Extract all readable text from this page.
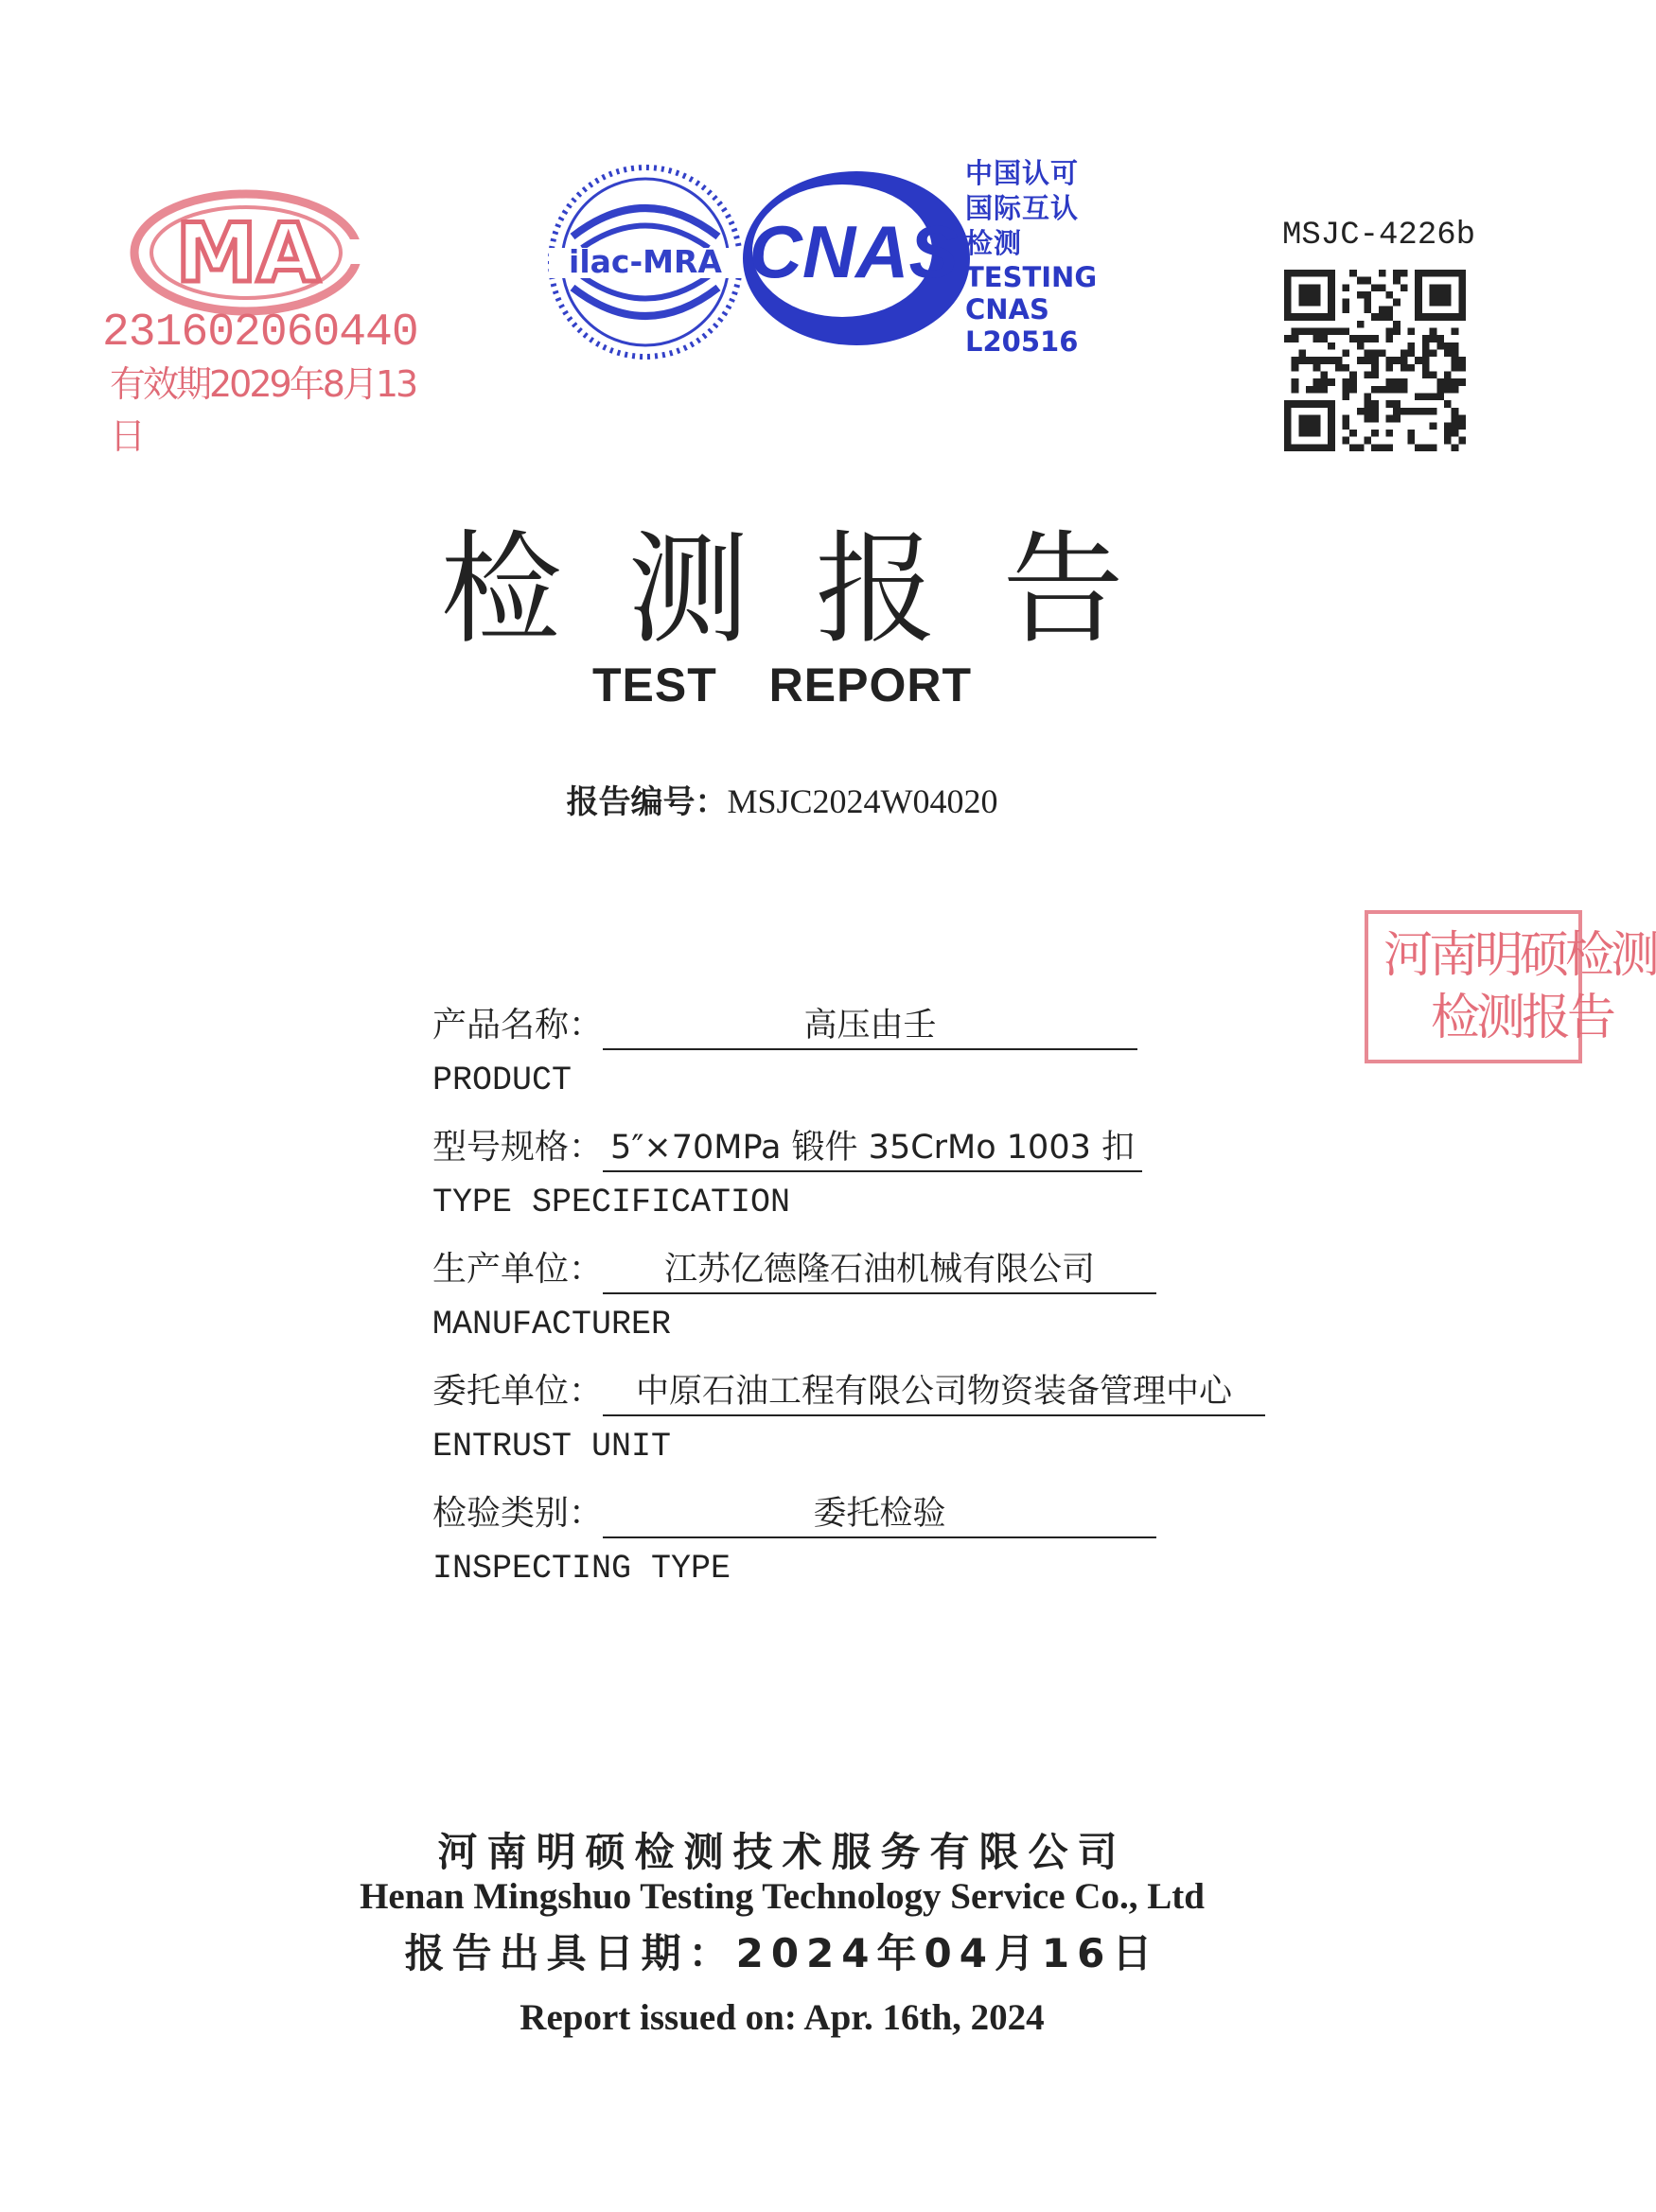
MA
231602060440
有效期2029年8月13日
ilac-MRA CNAS
中国认可
国际互认
检测
TESTING
CNAS L20516
MSJC-4226b
检测报告
TEST REPORT
报告编号：MSJC2024W04020
河南明硕检测
检测报告
产品名称：	高压由壬
PRODUCT
型号规格： 5″×70MPa 锻件 35CrMo 1003 扣
TYPE SPECIFICATION
生产单位： 江苏亿德隆石油机械有限公司
MANUFACTURER
委托单位： 中原石油工程有限公司物资装备管理中心
ENTRUST UNIT
检验类别：	委托检验
INSPECTING TYPE
河南明硕检测技术服务有限公司
Henan Mingshuo Testing Technology Service Co., Ltd
报告出具日期：2024年04月16日
Report issued on: Apr. 16th, 2024
